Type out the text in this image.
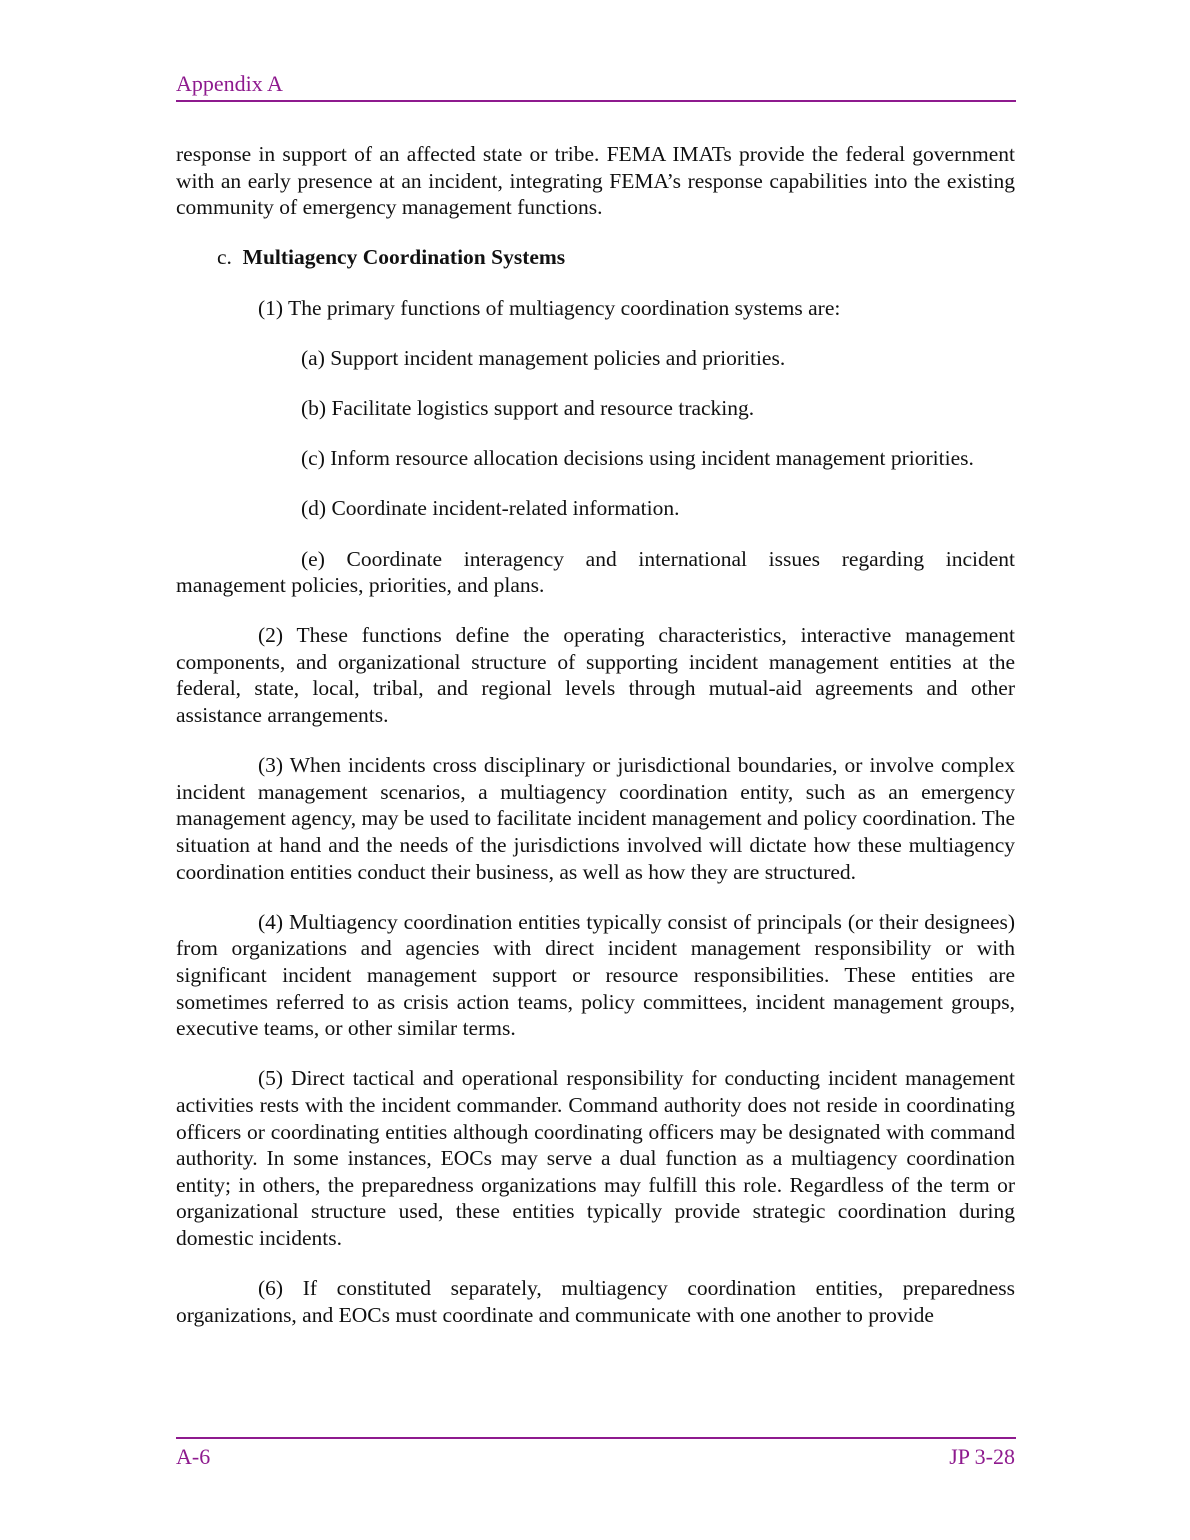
Appendix A

response in support of an affected state or tribe. FEMA IMATs provide the federal government with an early presence at an incident, integrating FEMA’s response capabilities into the existing community of emergency management functions.

c. Multiagency Coordination Systems

(1) The primary functions of multiagency coordination systems are:

(a) Support incident management policies and priorities.

(b) Facilitate logistics support and resource tracking.

(c) Inform resource allocation decisions using incident management priorities.

(d) Coordinate incident-related information.

(e) Coordinate interagency and international issues regarding incident management policies, priorities, and plans.

(2) These functions define the operating characteristics, interactive management components, and organizational structure of supporting incident management entities at the federal, state, local, tribal, and regional levels through mutual-aid agreements and other assistance arrangements.

(3) When incidents cross disciplinary or jurisdictional boundaries, or involve complex incident management scenarios, a multiagency coordination entity, such as an emergency management agency, may be used to facilitate incident management and policy coordination. The situation at hand and the needs of the jurisdictions involved will dictate how these multiagency coordination entities conduct their business, as well as how they are structured.

(4) Multiagency coordination entities typically consist of principals (or their designees) from organizations and agencies with direct incident management responsibility or with significant incident management support or resource responsibilities. These entities are sometimes referred to as crisis action teams, policy committees, incident management groups, executive teams, or other similar terms.

(5) Direct tactical and operational responsibility for conducting incident management activities rests with the incident commander. Command authority does not reside in coordinating officers or coordinating entities although coordinating officers may be designated with command authority. In some instances, EOCs may serve a dual function as a multiagency coordination entity; in others, the preparedness organizations may fulfill this role. Regardless of the term or organizational structure used, these entities typically provide strategic coordination during domestic incidents.

(6) If constituted separately, multiagency coordination entities, preparedness organizations, and EOCs must coordinate and communicate with one another to provide

A-6	JP 3-28
